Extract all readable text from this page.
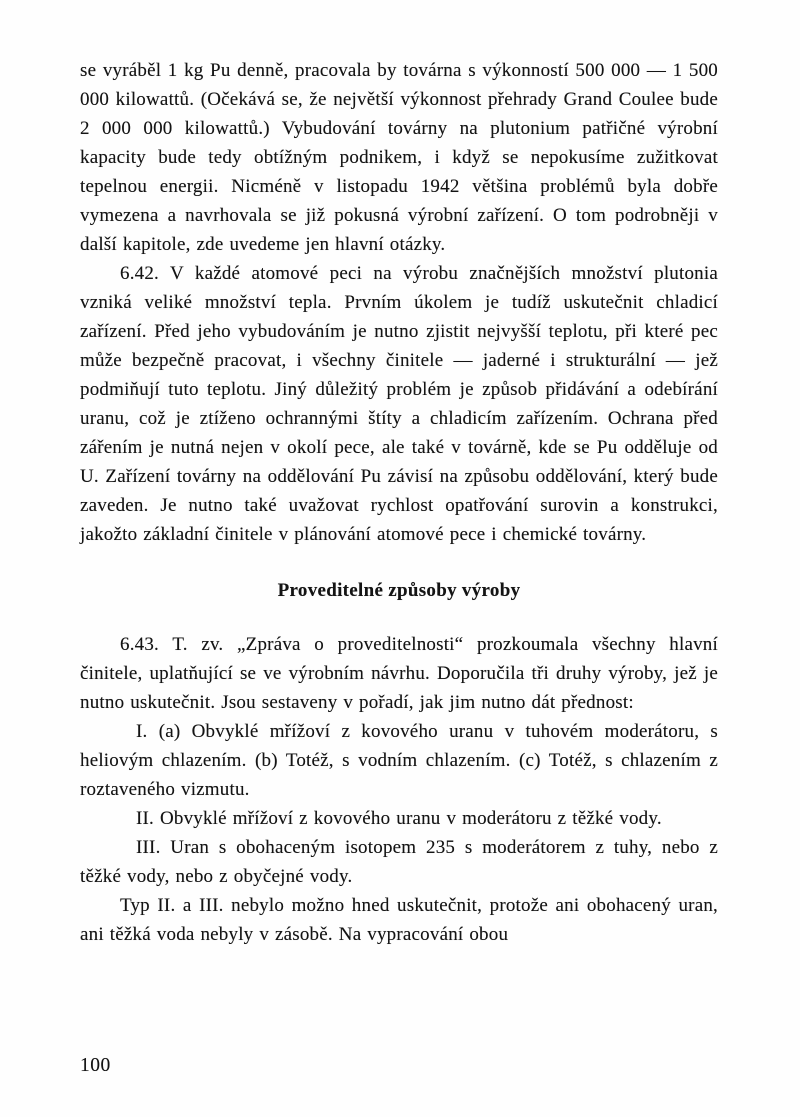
se vyráběl 1 kg Pu denně, pracovala by továrna s výkonností 500 000 — 1 500 000 kilowattů. (Očekává se, že největší výkonnost přehrady Grand Coulee bude 2 000 000 kilowattů.) Vybudování továrny na plutonium patřičné výrobní kapacity bude tedy obtížným podnikem, i když se nepokusíme zužitkovat tepelnou energii. Nicméně v listopadu 1942 většina problémů byla dobře vymezena a navrhovala se již pokusná výrobní zařízení. O tom podrobněji v další kapitole, zde uvedeme jen hlavní otázky.

6.42. V každé atomové peci na výrobu značnějších množství plutonia vzniká veliké množství tepla. Prvním úkolem je tudíž uskutečnit chladicí zařízení. Před jeho vybudováním je nutno zjistit nejvyšší teplotu, při které pec může bezpečně pracovat, i všechny činitele — jaderné i strukturální — jež podmiňují tuto teplotu. Jiný důležitý problém je způsob přidávání a odebírání uranu, což je ztíženo ochrannými štíty a chladicím zařízením. Ochrana před zářením je nutná nejen v okolí pece, ale také v továrně, kde se Pu odděluje od U. Zařízení továrny na oddělování Pu závisí na způsobu oddělování, který bude zaveden. Je nutno také uvažovat rychlost opatřování surovin a konstrukci, jakožto základní činitele v plánování atomové pece i chemické továrny.

Proveditelné způsoby výroby

6.43. T. zv. „Zpráva o proveditelnosti“ prozkoumala všechny hlavní činitele, uplatňující se ve výrobním návrhu. Doporučila tři druhy výroby, jež je nutno uskutečnit. Jsou sestaveny v pořadí, jak jim nutno dát přednost:

I. (a) Obvyklé mřížoví z kovového uranu v tuhovém moderátoru, s heliovým chlazením. (b) Totéž, s vodním chlazením. (c) Totéž, s chlazením z roztaveného vizmutu.

II. Obvyklé mřížoví z kovového uranu v moderátoru z těžké vody.

III. Uran s obohaceným isotopem 235 s moderátorem z tuhy, nebo z těžké vody, nebo z obyčejné vody.

Typ II. a III. nebylo možno hned uskutečnit, protože ani obohacený uran, ani těžká voda nebyly v zásobě. Na vypracování obou

100
